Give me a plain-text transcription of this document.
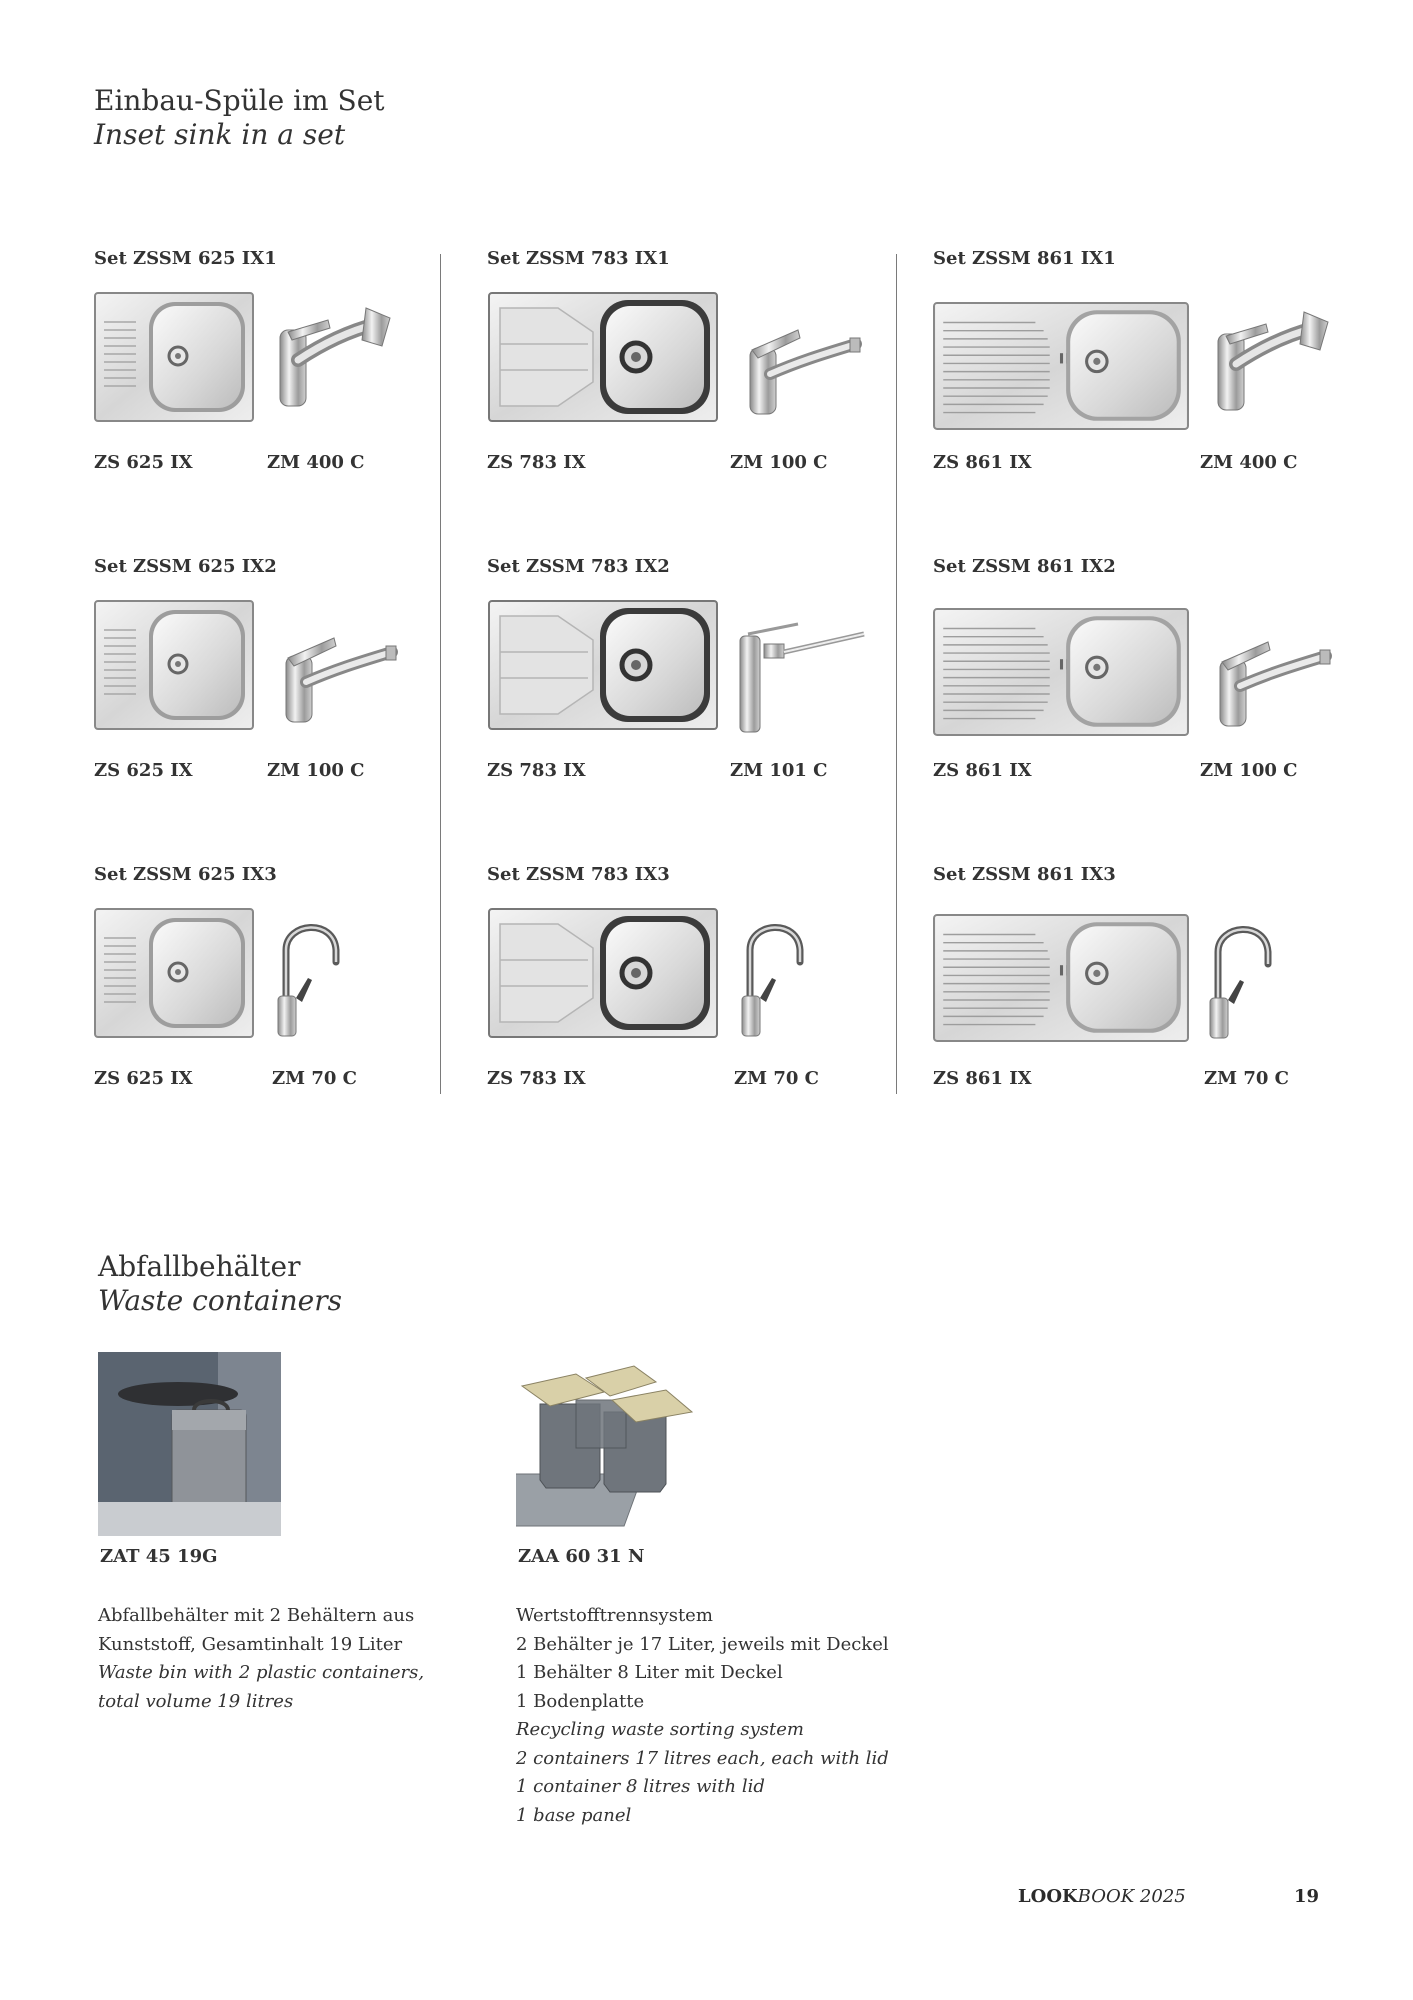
Einbau-Spüle im Set
Inset sink in a set
Set ZSSM 625 IX1
ZS 625 IX	ZM 400 C
Set ZSSM 783 IX1
ZS 783 IX	ZM 100 C
Set ZSSM 861 IX1
ZS 861 IX	ZM 400 C
Set ZSSM 625 IX2
ZS 625 IX	ZM 100 C
Set ZSSM 783 IX2
ZS 783 IX	ZM 101 C
Set ZSSM 861 IX2
ZS 861 IX	ZM 100 C
Set ZSSM 625 IX3
ZS 625 IX	ZM 70 C
Set ZSSM 783 IX3
ZS 783 IX	ZM 70 C
Set ZSSM 861 IX3
ZS 861 IX	ZM 70 C
Abfallbehälter
Waste containers
ZAT 45 19G	ZAA 60 31 N
Abfallbehälter mit 2 Behältern aus
Kunststoff, Gesamtinhalt 19 Liter
Waste bin with 2 plastic containers,
total volume 19 litres
Wertstofftrennsystem
2 Behälter je 17 Liter, jeweils mit Deckel
1 Behälter 8 Liter mit Deckel
1 Bodenplatte
Recycling waste sorting system
2 containers 17 litres each, each with lid
1 container 8 litres with lid
1 base panel
LOOKBOOK 2025	19
